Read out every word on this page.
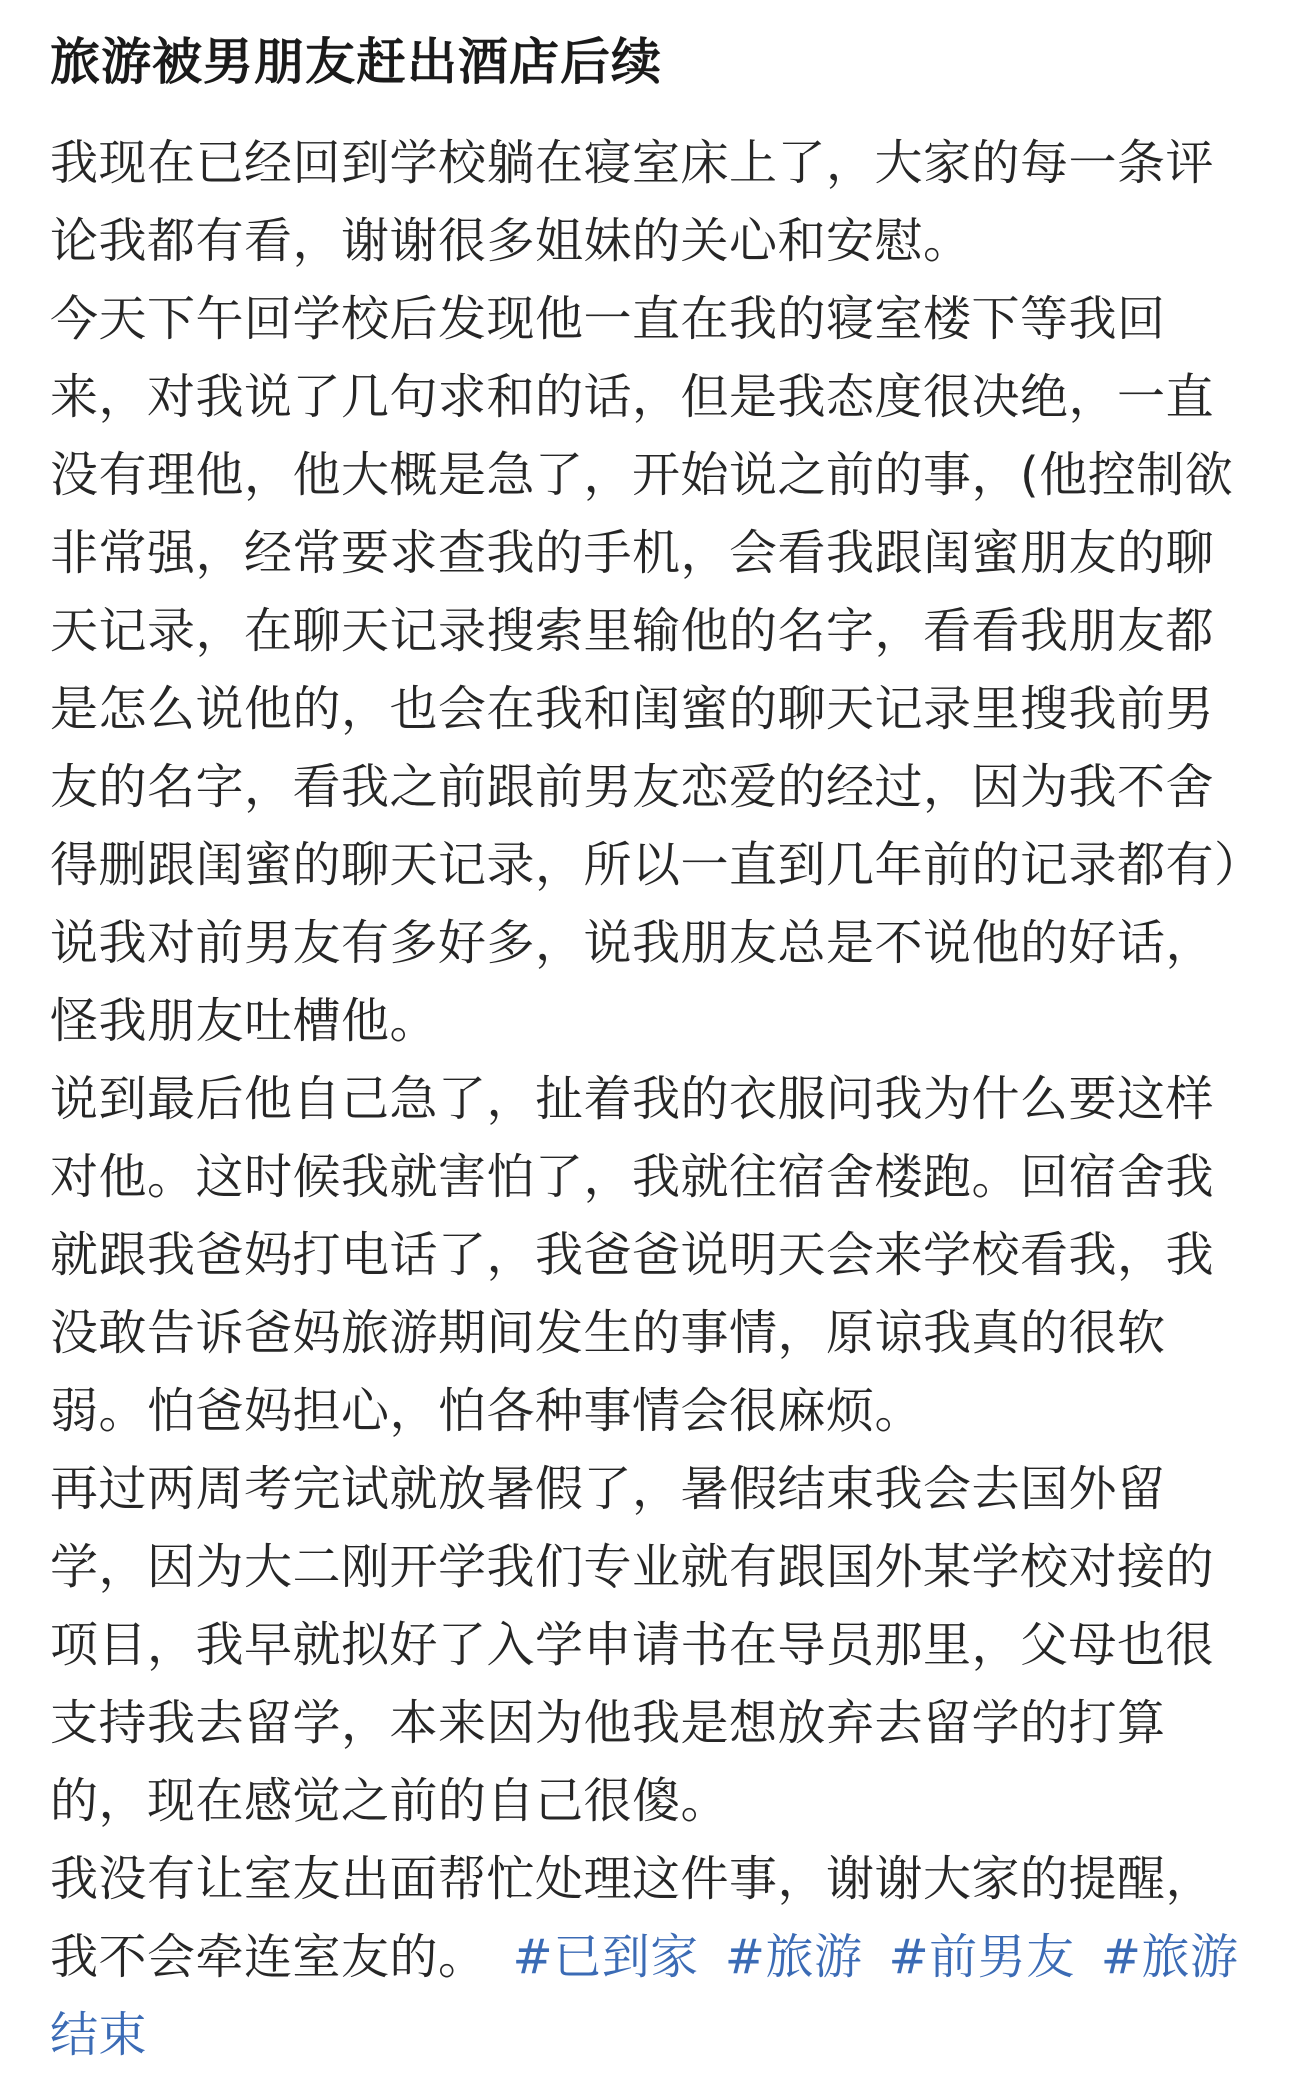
旅游被男朋友赶出酒店后续

我现在已经回到学校躺在寝室床上了，大家的每一条评论我都有看，谢谢很多姐妹的关心和安慰。

今天下午回学校后发现他一直在我的寝室楼下等我回来，对我说了几句求和的话，但是我态度很决绝，一直没有理他，他大概是急了，开始说之前的事，(他控制欲非常强，经常要求查我的手机，会看我跟闺蜜朋友的聊天记录，在聊天记录搜索里输他的名字，看看我朋友都是怎么说他的，也会在我和闺蜜的聊天记录里搜我前男友的名字，看我之前跟前男友恋爱的经过，因为我不舍得删跟闺蜜的聊天记录，所以一直到几年前的记录都有）说我对前男友有多好多，说我朋友总是不说他的好话，怪我朋友吐槽他。

说到最后他自己急了，扯着我的衣服问我为什么要这样对他。这时候我就害怕了，我就往宿舍楼跑。回宿舍我就跟我爸妈打电话了，我爸爸说明天会来学校看我，我没敢告诉爸妈旅游期间发生的事情，原谅我真的很软弱。怕爸妈担心，怕各种事情会很麻烦。

再过两周考完试就放暑假了，暑假结束我会去国外留学，因为大二刚开学我们专业就有跟国外某学校对接的项目，我早就拟好了入学申请书在导员那里，父母也很支持我去留学，本来因为他我是想放弃去留学的打算的，现在感觉之前的自己很傻。

我没有让室友出面帮忙处理这件事，谢谢大家的提醒，我不会牵连室友的。 #已到家 #旅游 #前男友 #旅游结束
